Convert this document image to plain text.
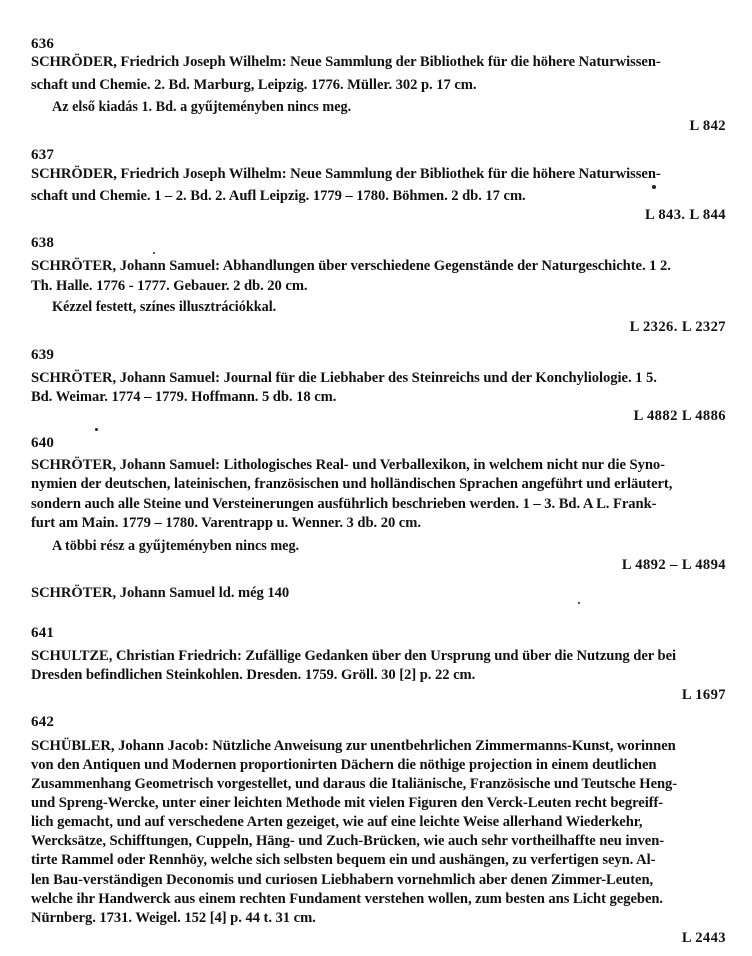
636
SCHRÖDER, Friedrich Joseph Wilhelm: Neue Sammlung der Bibliothek für die höhere Naturwissen-
schaft und Chemie. 2. Bd. Marburg, Leipzig. 1776. Müller. 302 p. 17 cm.
Az első kiadás 1. Bd. a gyűjteményben nincs meg.
L 842
637
SCHRÖDER, Friedrich Joseph Wilhelm: Neue Sammlung der Bibliothek für die höhere Naturwissen-
schaft und Chemie. 1 – 2. Bd. 2. Aufl Leipzig. 1779 – 1780. Böhmen. 2 db. 17 cm.
L 843. L 844
638
SCHRÖTER, Johann Samuel: Abhandlungen über verschiedene Gegenstände der Naturgeschichte. 1 2.
Th. Halle. 1776 - 1777. Gebauer. 2 db. 20 cm.
Kézzel festett, színes illusztrációkkal.
L 2326. L 2327
639
SCHRÖTER, Johann Samuel: Journal für die Liebhaber des Steinreichs und der Konchyliologie. 1 5.
Bd. Weimar. 1774 – 1779. Hoffmann. 5 db. 18 cm.
L 4882 L 4886
640
SCHRÖTER, Johann Samuel: Lithologisches Real- und Verballexikon, in welchem nicht nur die Syno-
nymien der deutschen, lateinischen, französischen und holländischen Sprachen angeführt und erläutert,
sondern auch alle Steine und Versteinerungen ausführlich beschrieben werden. 1 – 3. Bd. A L. Frank-
furt am Main. 1779 – 1780. Varentrapp u. Wenner. 3 db. 20 cm.
A többi rész a gyűjteményben nincs meg.
L 4892 – L 4894
SCHRÖTER, Johann Samuel ld. még 140
641
SCHULTZE, Christian Friedrich: Zufällige Gedanken über den Ursprung und über die Nutzung der bei
Dresden befindlichen Steinkohlen. Dresden. 1759. Gröll. 30 [2] p. 22 cm.
L 1697
642
SCHÜBLER, Johann Jacob: Nützliche Anweisung zur unentbehrlichen Zimmermanns-Kunst, worinnen
von den Antiquen und Modernen proportionirten Dächern die nöthige projection in einem deutlichen
Zusammenhang Geometrisch vorgestellet, und daraus die Italiänische, Französische und Teutsche Heng-
und Spreng-Wercke, unter einer leichten Methode mit vielen Figuren den Verck-Leuten recht begreiff-
lich gemacht, und auf verschedene Arten gezeiget, wie auf eine leichte Weise allerhand Wiederkehr,
Wercksätze, Schifftungen, Cuppeln, Häng- und Zuch-Brücken, wie auch sehr vortheilhaffte neu inven-
tirte Rammel oder Rennhöy, welche sich selbsten bequem ein und aushängen, zu verfertigen seyn. Al-
len Bau-verständigen Deconomis und curiosen Liebhabern vornehmlich aber denen Zimmer-Leuten,
welche ihr Handwerck aus einem rechten Fundament verstehen wollen, zum besten ans Licht gegeben.
Nürnberg. 1731. Weigel. 152 [4] p. 44 t. 31 cm.
L 2443
